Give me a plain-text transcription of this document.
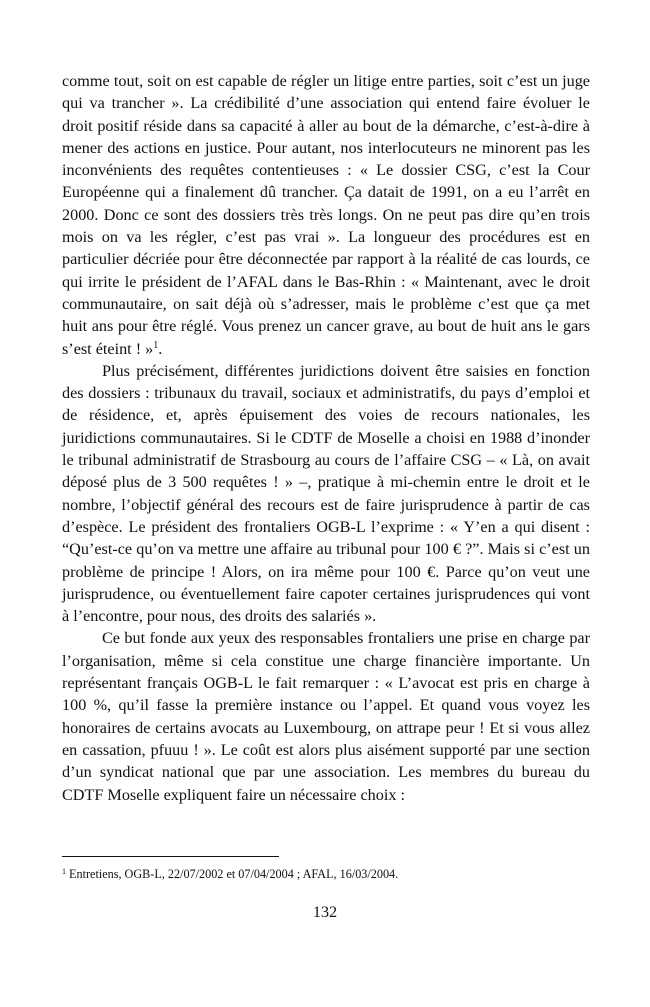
comme tout, soit on est capable de régler un litige entre parties, soit c’est un juge qui va trancher ». La crédibilité d’une association qui entend faire évoluer le droit positif réside dans sa capacité à aller au bout de la démarche, c’est-à-dire à mener des actions en justice. Pour autant, nos interlocuteurs ne minorent pas les inconvénients des requêtes contentieuses : « Le dossier CSG, c’est la Cour Européenne qui a finalement dû trancher. Ça datait de 1991, on a eu l’arrêt en 2000. Donc ce sont des dossiers très très longs. On ne peut pas dire qu’en trois mois on va les régler, c’est pas vrai ». La longueur des procédures est en particulier décriée pour être déconnectée par rapport à la réalité de cas lourds, ce qui irrite le président de l’AFAL dans le Bas-Rhin : « Maintenant, avec le droit communautaire, on sait déjà où s’adresser, mais le problème c’est que ça met huit ans pour être réglé. Vous prenez un cancer grave, au bout de huit ans le gars s’est éteint ! »$^1$.

Plus précisément, différentes juridictions doivent être saisies en fonction des dossiers : tribunaux du travail, sociaux et administratifs, du pays d’emploi et de résidence, et, après épuisement des voies de recours nationales, les juridictions communautaires. Si le CDTF de Moselle a choisi en 1988 d’inonder le tribunal administratif de Strasbourg au cours de l’affaire CSG – « Là, on avait déposé plus de 3 500 requêtes ! » –, pratique à mi-chemin entre le droit et le nombre, l’objectif général des recours est de faire jurisprudence à partir de cas d’espèce. Le président des frontaliers OGB-L l’exprime : « Y’en a qui disent : “Qu’est-ce qu’on va mettre une affaire au tribunal pour 100 € ?”. Mais si c’est un problème de principe ! Alors, on ira même pour 100 €. Parce qu’on veut une jurisprudence, ou éventuellement faire capoter certaines jurisprudences qui vont à l’encontre, pour nous, des droits des salariés ».

Ce but fonde aux yeux des responsables frontaliers une prise en charge par l’organisation, même si cela constitue une charge financière importante. Un représentant français OGB-L le fait remarquer : « L’avocat est pris en charge à 100 %, qu’il fasse la première instance ou l’appel. Et quand vous voyez les honoraires de certains avocats au Luxembourg, on attrape peur ! Et si vous allez en cassation, pfuuu ! ». Le coût est alors plus aisément supporté par une section d’un syndicat national que par une association. Les membres du bureau du CDTF Moselle expliquent faire un nécessaire choix :

$^1$ Entretiens, OGB-L, 22/07/2002 et 07/04/2004 ; AFAL, 16/03/2004.
132
